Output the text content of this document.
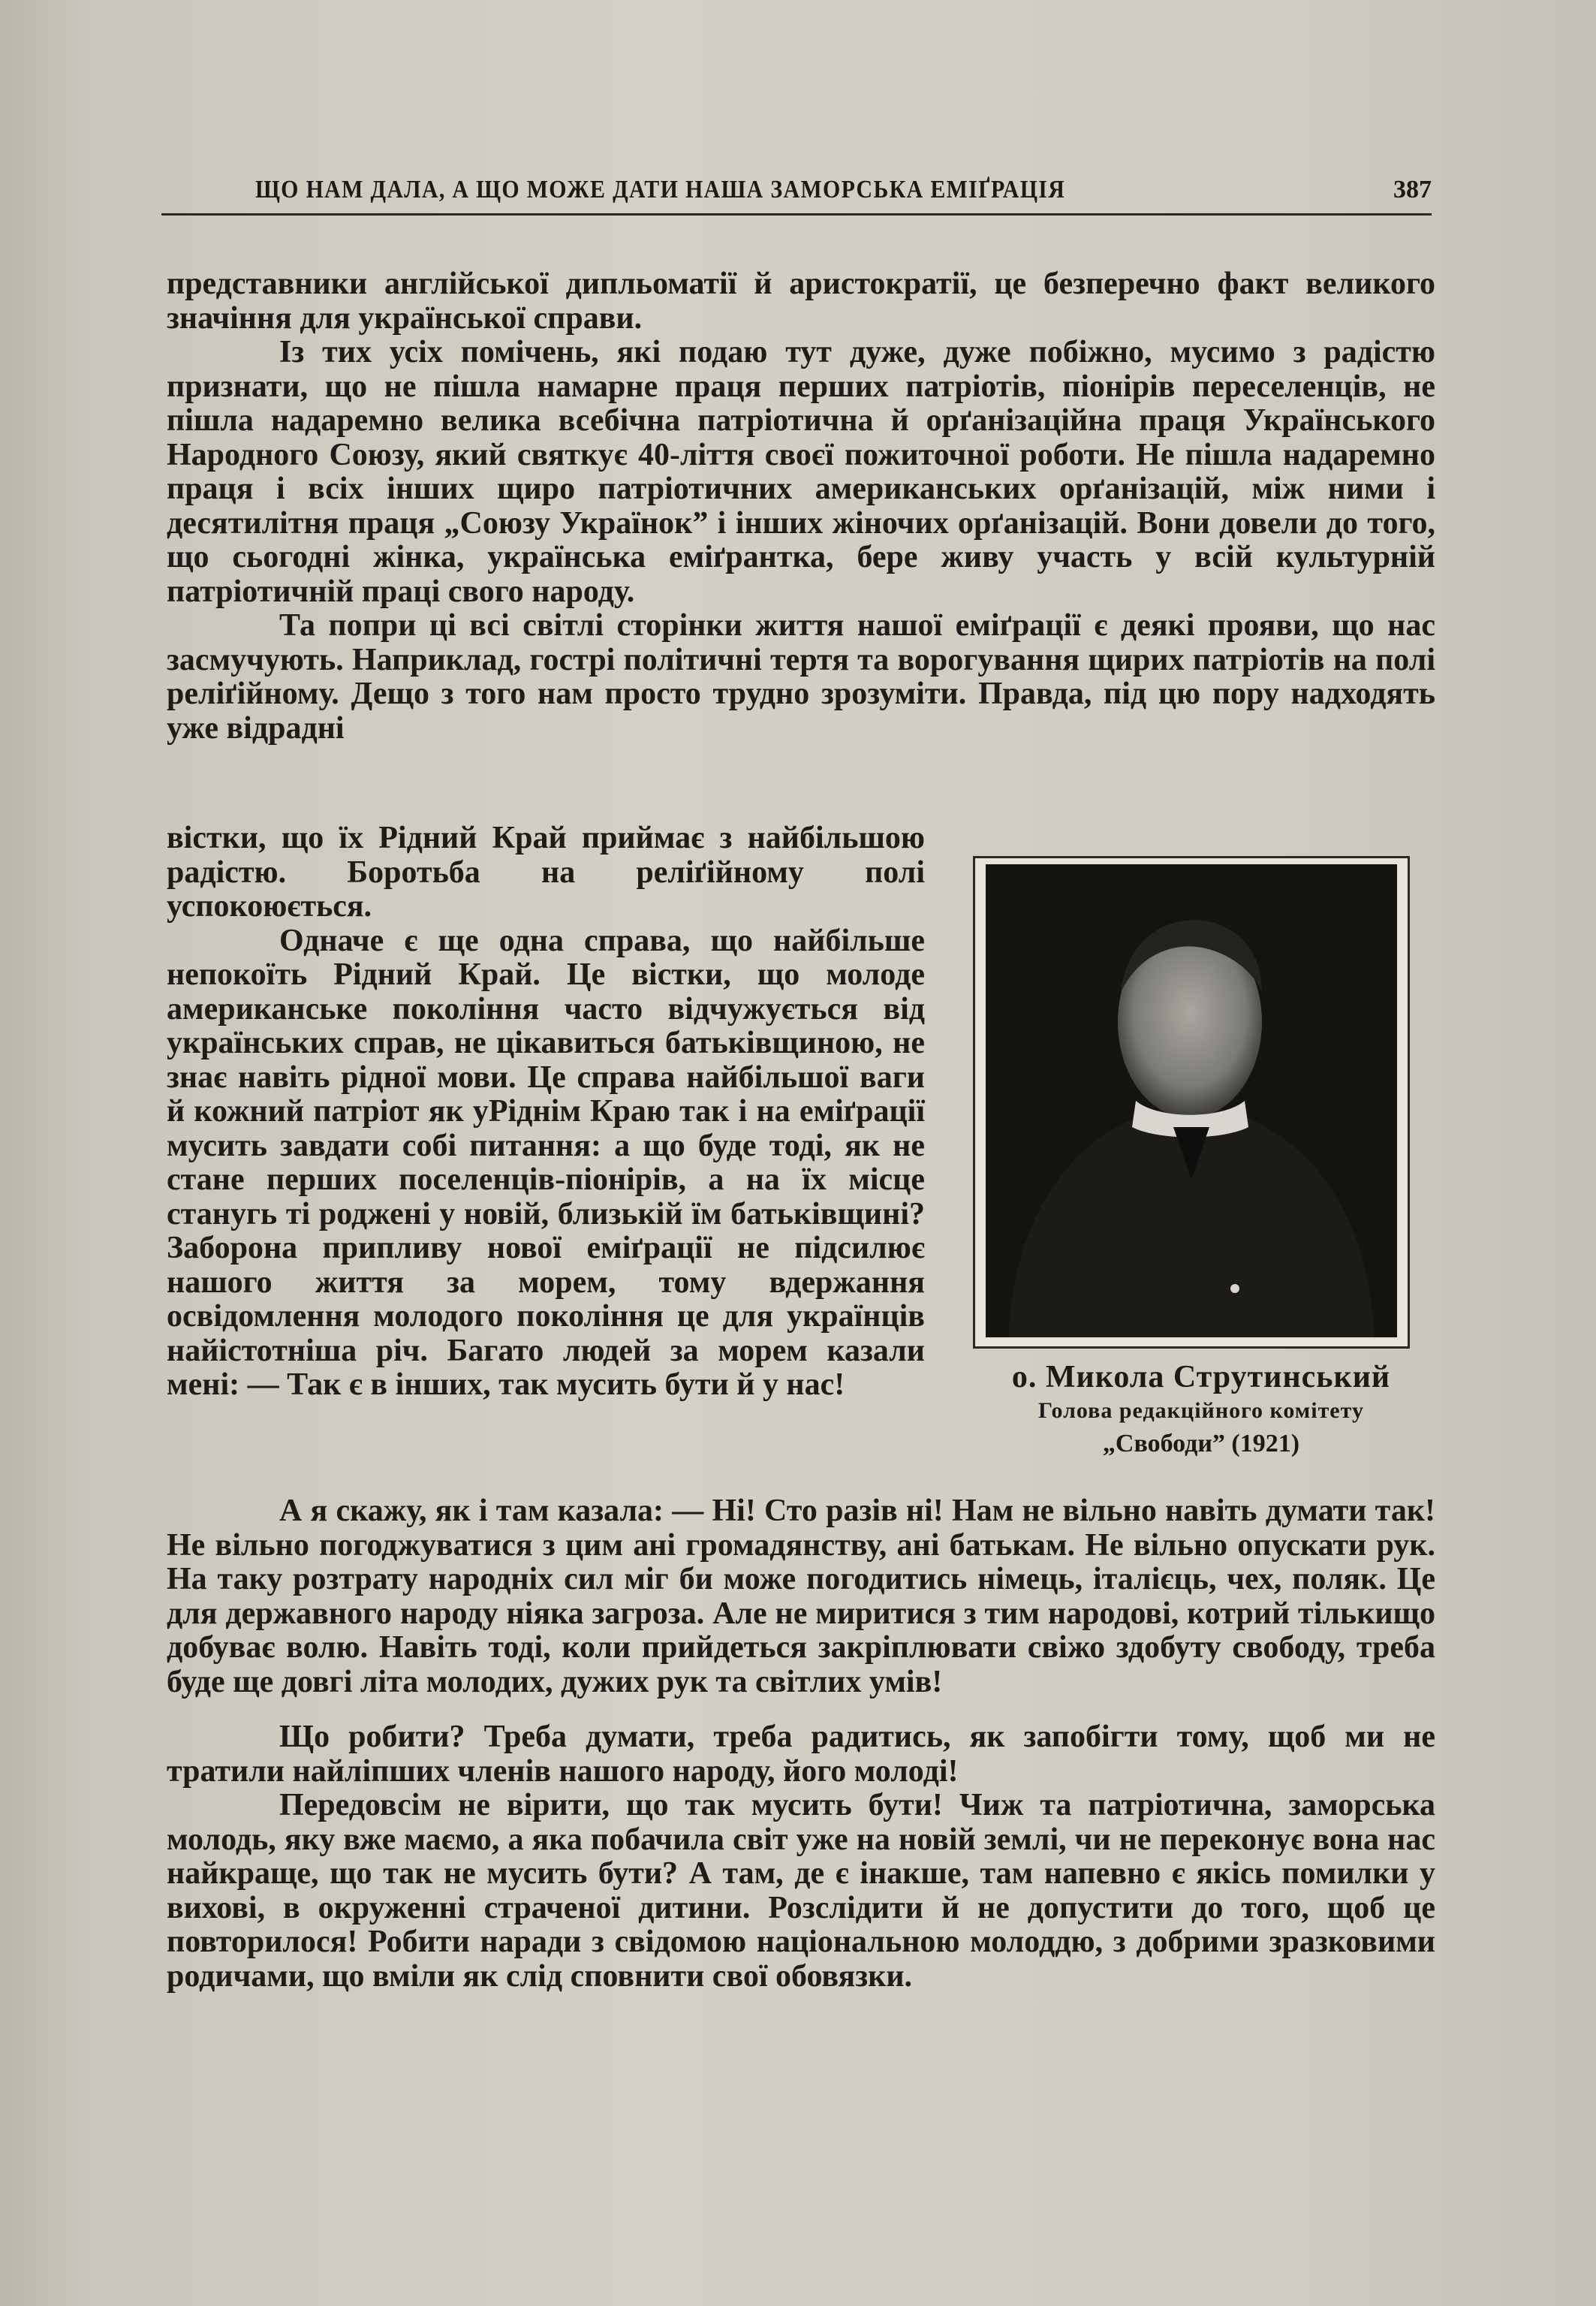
ЩО НАМ ДАЛА, А ЩО МОЖЕ ДАТИ НАША ЗАМОРСЬКА ЕМІҐРАЦІЯ	387

представники англійської дипльоматії й аристократії, це безперечно факт великого значіння для української справи.

Із тих усіх помічень, які подаю тут дуже, дуже побіжно, мусимо з радістю признати, що не пішла намарне праця перших патріотів, піонірів переселенців, не пішла надаремно велика всебічна патріотична й орґанізаційна праця Українського Народного Союзу, який святкує 40-ліття своєї пожиточної роботи. Не пішла надаремно праця і всіх інших щиро патріотичних американських орґанізацій, між ними і десятилітня праця „Союзу Українок” і інших жіночих орґанізацій. Вони довели до того, що сьогодні жінка, українська еміґрантка, бере живу участь у всій культурній патріотичній праці свого народу.

Та попри ці всі світлі сторінки життя нашої еміґрації є деякі прояви, що нас засмучують. Наприклад, гострі політичні тертя та ворогування щирих патріотів на полі реліґійному. Дещо з того нам просто трудно зрозуміти. Правда, під цю пору надходять уже відрадні

вістки, що їх Рідний Край приймає з найбільшою радістю. Боротьба на реліґійному полі успокоюється.

Одначе є ще одна справа, що найбільше непокоїть Рідний Край. Це вістки, що молоде американське покоління часто відчужується від українських справ, не цікавиться батьківщиною, не знає навіть рідної мови. Це справа найбільшої ваги й кожний патріот як уРіднім Краю так і на еміґрації мусить завдати собі питання: а що буде тоді, як не стане перших поселенців-піонірів, а на їх місце станугь ті роджені у новій, близькій їм батьківщині? Заборона припливу нової еміґрації не підсилює нашого життя за морем, тому вдержання освідомлення молодого покоління це для українців найістотніша річ. Багато людей за морем казали мені: — Так є в інших, так мусить бути й у нас!	о. Микола Струтинський
Голова редакційного комітету
„Свободи” (1921)

А я скажу, як і там казала: — Ні! Сто разів ні! Нам не вільно навіть думати так! Не вільно погоджуватися з цим ані громадянству, ані батькам. Не вільно опускати рук. На таку розтрату народніх сил міг би може погодитись німець, італієць, чех, поляк. Це для державного народу ніяка загроза. Але не миритися з тим народові, котрий тількищо добуває волю. Навіть тоді, коли прийдеться закріплювати свіжо здобуту свободу, треба буде ще довгі літа молодих, дужих рук та світлих умів!

Що робити? Треба думати, треба радитись, як запобігти тому, щоб ми не тратили найліпших членів нашого народу, його молоді!

Передовсім не вірити, що так мусить бути! Чиж та патріотична, заморська молодь, яку вже маємо, а яка побачила світ уже на новій землі, чи не переконує вона нас найкраще, що так не мусить бути? А там, де є інакше, там напевно є якісь помилки у вихові, в окруженні страченої дитини. Розслідити й не допустити до того, щоб це повторилося! Робити наради з свідомою національною молоддю, з добрими зразковими родичами, що вміли як слід сповнити свої обовязки.
